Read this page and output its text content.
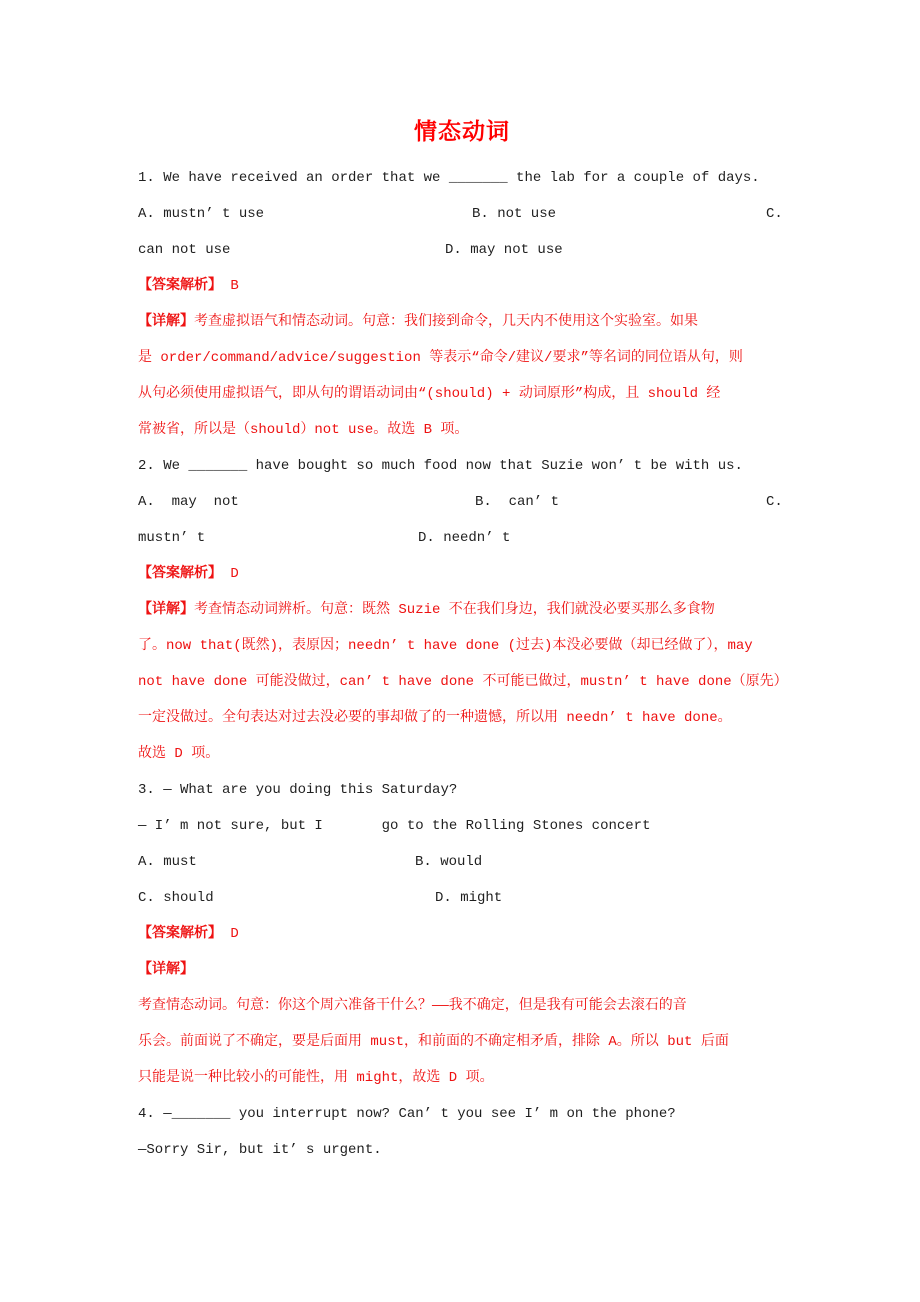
情态动词
1. We have received an order that we _______ the lab for a couple of days.
A. mustn’ t use	B. not use	C.
can not use	D. may not use
【答案解析】 B
【详解】考查虚拟语气和情态动词。句意：我们接到命令，几天内不使用这个实验室。如果
是 order/command/advice/suggestion 等表示“命令/建议/要求”等名词的同位语从句，则
从句必须使用虚拟语气，即从句的谓语动词由“(should) + 动词原形”构成，且 should 经
常被省，所以是（should）not use。故选 B 项。
2. We _______ have bought so much food now that Suzie won’ t be with us.
A.  may  not	B.  can’ t	C.
mustn’ t	D. needn’ t
【答案解析】 D
【详解】考查情态动词辨析。句意：既然 Suzie 不在我们身边，我们就没必要买那么多食物
了。now that(既然)，表原因；needn’ t have done (过去)本没必要做（却已经做了），may
not have done 可能没做过，can’ t have done 不可能已做过，mustn’ t have done（原先）
一定没做过。全句表达对过去没必要的事却做了的一种遗憾，所以用 needn’ t have done。
故选 D 项。
3. — What are you doing this Saturday?
— I’ m not sure, but I       go to the Rolling Stones concert
A. must	B. would
C. should	D. might
【答案解析】 D
【详解】
考查情态动词。句意：你这个周六准备干什么？——我不确定，但是我有可能会去滚石的音
乐会。前面说了不确定，要是后面用 must，和前面的不确定相矛盾，排除 A。所以 but 后面
只能是说一种比较小的可能性，用 might，故选 D 项。
4. —_______ you interrupt now? Can’ t you see I’ m on the phone?
—Sorry Sir, but it’ s urgent.
